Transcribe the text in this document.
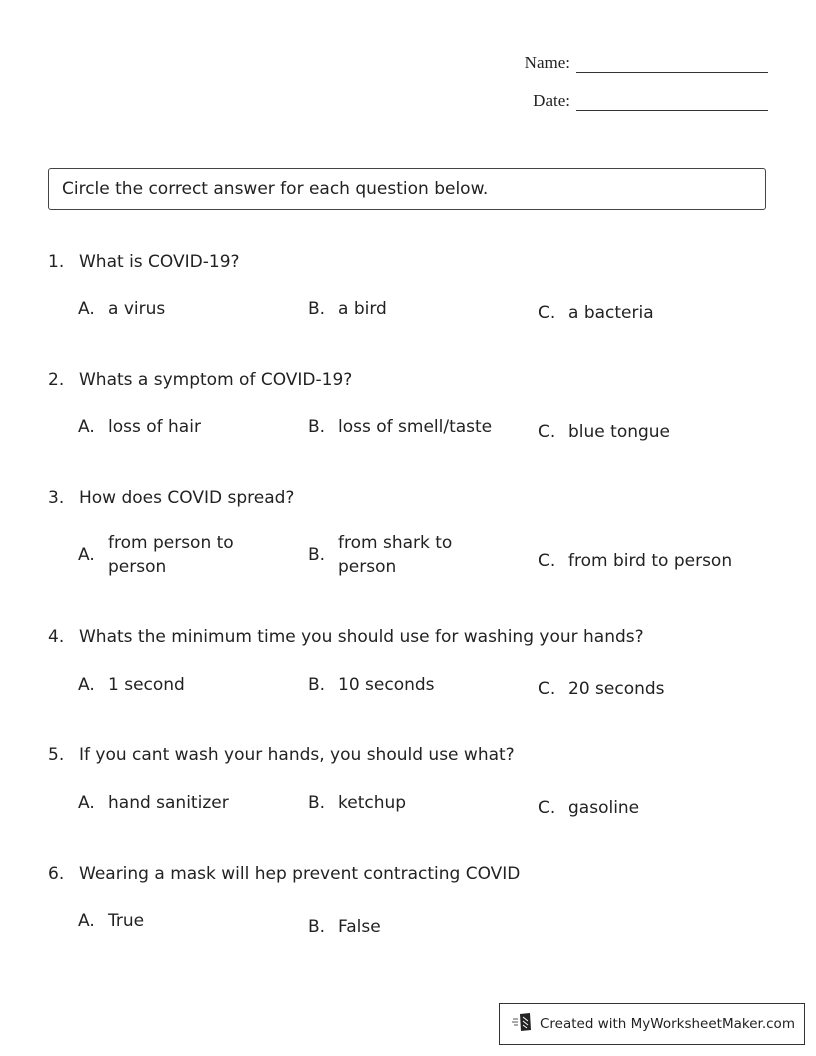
Name:
Date:
Circle the correct answer for each question below.
1. What is COVID-19?
A. a virus	B. a bird	C. a bacteria
2. Whats a symptom of COVID-19?
A. loss of hair	B. loss of smell/taste	C. blue tongue
3. How does COVID spread?
A.
from person to
person
B.
from shark to
person	C. from bird to person
4. Whats the minimum time you should use for washing your hands?
A. 1 second	B. 10 seconds	C. 20 seconds
5. If you cant wash your hands, you should use what?
A. hand sanitizer	B. ketchup	C. gasoline
6. Wearing a mask will hep prevent contracting COVID
A. True	B. False
Created with MyWorksheetMaker.com
